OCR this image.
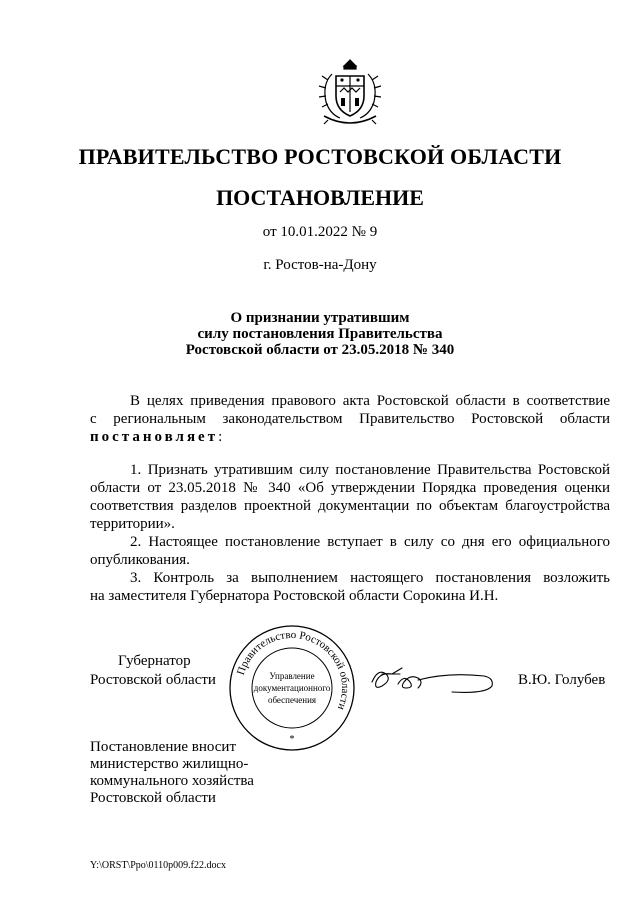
ПРАВИТЕЛЬСТВО РОСТОВСКОЙ ОБЛАСТИ
ПОСТАНОВЛЕНИЕ
от 10.01.2022 № 9
г. Ростов-на-Дону
О признании утратившим
силу постановления Правительства
Ростовской области от 23.05.2018 № 340
В целях приведения правового акта Ростовской области в соответствие
с региональным законодательством Правительство Ростовской области
постановляет:
1. Признать утратившим силу постановление Правительства Ростовской
области от 23.05.2018 № 340 «Об утверждении Порядка проведения оценки
соответствия разделов проектной документации по объектам благоустройства
территории».
2. Настоящее постановление вступает в силу со дня его официального
опубликования.
3. Контроль за выполнением настоящего постановления возложить
на заместителя Губернатора Ростовской области Сорокина И.Н.
Губернатор
Ростовской области
Правительство Ростовской области
Управление
документационного
обеспечения
*
В.Ю. Голубев
Постановление вносит
министерство жилищно-
коммунального хозяйства
Ростовской области
Y:\ORST\Ppo\0110p009.f22.docx
